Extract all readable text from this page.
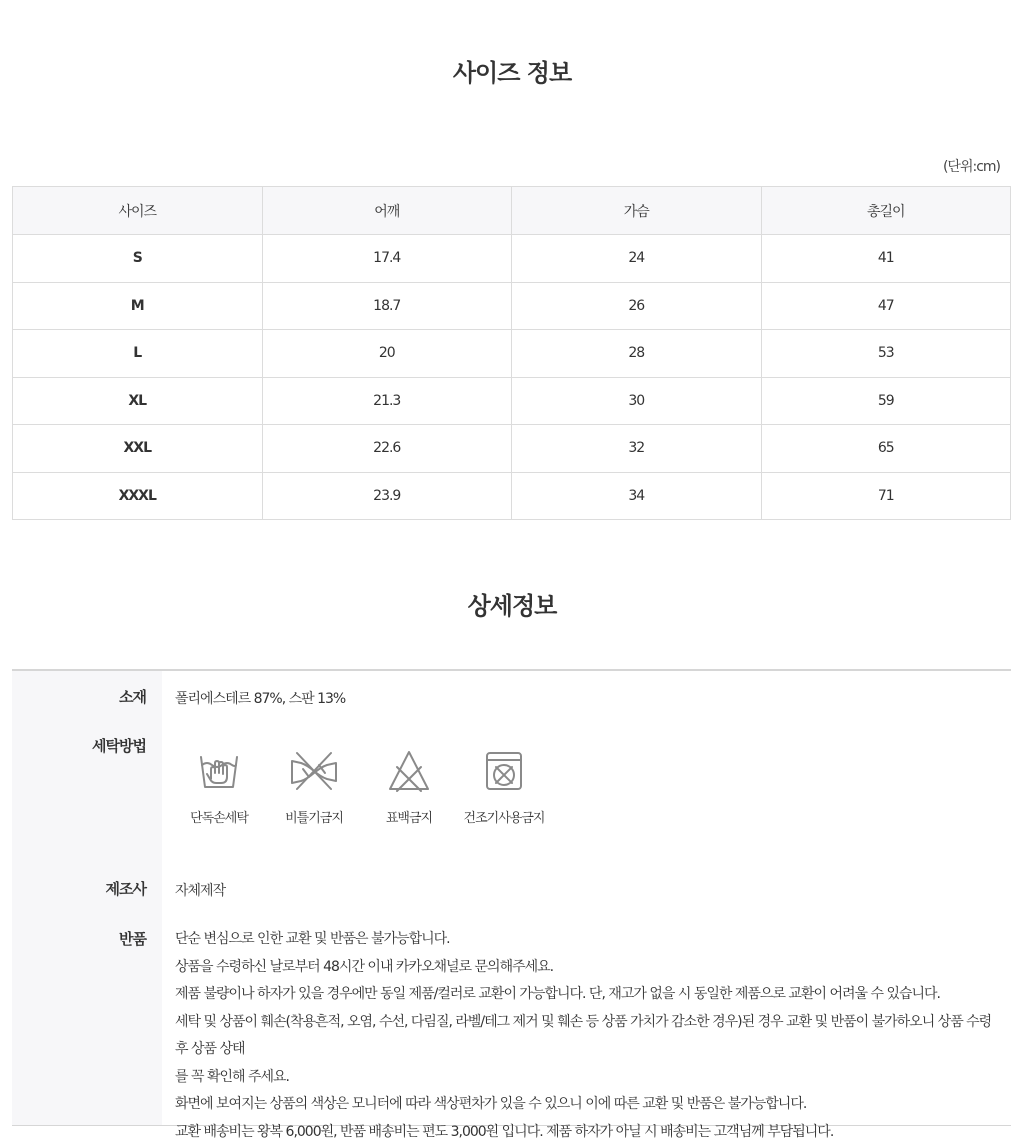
사이즈 정보
(단위:cm)
사이즈	어깨	가슴	총길이
S	17.4	24	41
M	18.7	26	47
L	20	28	53
XL	21.3	30	59
XXL	22.6	32	65
XXXL	23.9	34	71
상세정보
소재 폴리에스테르 87%, 스판 13%
세탁방법
단독손세탁	비틀기금지	표백금지	건조기사용금지
제조사 자체제작
반품 단순 변심으로 인한 교환 및 반품은 불가능합니다.

상품을 수령하신 날로부터 48시간 이내 카카오채널로 문의해주세요.

제품 불량이나 하자가 있을 경우에만 동일 제품/컬러로 교환이 가능합니다. 단, 재고가 없을 시 동일한 제품으로 교환이 어려울 수 있습니다.

세탁 및 상품이 훼손(착용흔적, 오염, 수선, 다림질, 라벨/테그 제거 및 훼손 등 상품 가치가 감소한 경우)된 경우 교환 및 반품이 불가하오니 상품 수령 후 상품 상태

를 꼭 확인해 주세요.

화면에 보여지는 상품의 색상은 모니터에 따라 색상편차가 있을 수 있으니 이에 따른 교환 및 반품은 불가능합니다.

교환 배송비는 왕복 6,000원, 반품 배송비는 편도 3,000원 입니다. 제품 하자가 아닐 시 배송비는 고객님께 부담됩니다.
